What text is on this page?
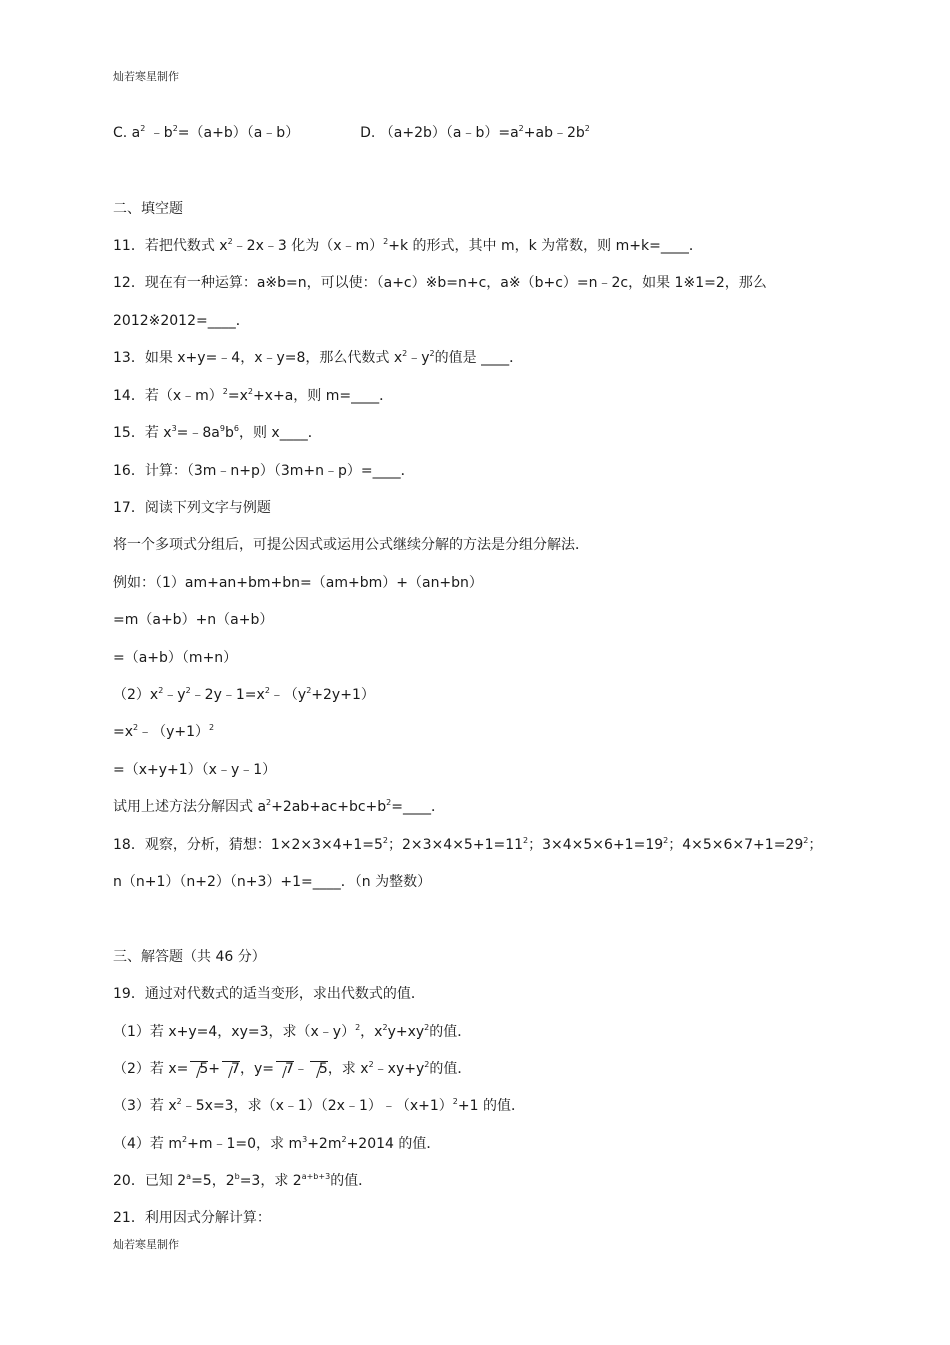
灿若寒星制作
C. $a^2$ $﹣b^2=(a+b)(a﹣b)$	D. $(a+2b)(a﹣b)=a^2+ab﹣2b^2$
二、填空题
11．若把代数式 $x^2﹣2x﹣3$ 化为（x﹣m）$^2$+k 的形式，其中 m，k 为常数，则 m+k=____．
12．现在有一种运算：a※b=n，可以使：（a+c）※b=n+c，a※（b+c）=n﹣2c，如果 1※1=2，那么
2012※2012=____．
13．如果 x+y=﹣4，x﹣y=8，那么代数式 $x^2﹣y^2$的值是 ____．
14．若$(x﹣m)^2=x^2+x+a$，则 m=____．
15．若 $x^3=﹣8a^9b^6$，则 x____．
16．计算：（3m﹣n+p）（3m+n﹣p）=____．
17．阅读下列文字与例题
将一个多项式分组后，可提公因式或运用公式继续分解的方法是分组分解法．
例如：（1）am+an+bm+bn=（am+bm）+（an+bn）
=m（a+b）+n（a+b）
=（a+b）（m+n）
$(2)x^2﹣y^2﹣2y﹣1=x^2﹣(y^2+2y+1)$
$=x^2﹣(y+1)^2$
=（x+y+1）（x﹣y﹣1）
试用上述方法分解因式 $a^2+2ab+ac+bc+b^2=\_\_\_\_$．
18．观察，分析，猜想：$1\times 2\times 3\times 4+1=5^2$；$2\times 3\times 4\times 5+1=11^2$；$3\times 4\times 5\times 6+1=19^2$；$4\times 5\times 6\times 7+1=29^2$；
n（n+1）（n+2）（n+3）+1=____．（n 为整数）
三、解答题（共 46 分）
19．通过对代数式的适当变形，求出代数式的值．
（1）若 x+y=4，xy=3，求（x﹣y）$^2$，$x^2y+xy^2$的值．
（2）若 x= 5+ 7，y= 7﹣ 5，求 $x^2﹣xy+y^2$的值．
（3）若 $x^2﹣5x=3$，求$(x﹣1)(2x﹣1)﹣(x+1)^2+1$ 的值．
（4）若 $m^2+m﹣1=0$，求 $m^3+2m^2+2014$ 的值．
20．已知 $2^a=5$，$2^b=3$，求 $2^{a+b+3}$的值．
21．利用因式分解计算：
灿若寒星制作
